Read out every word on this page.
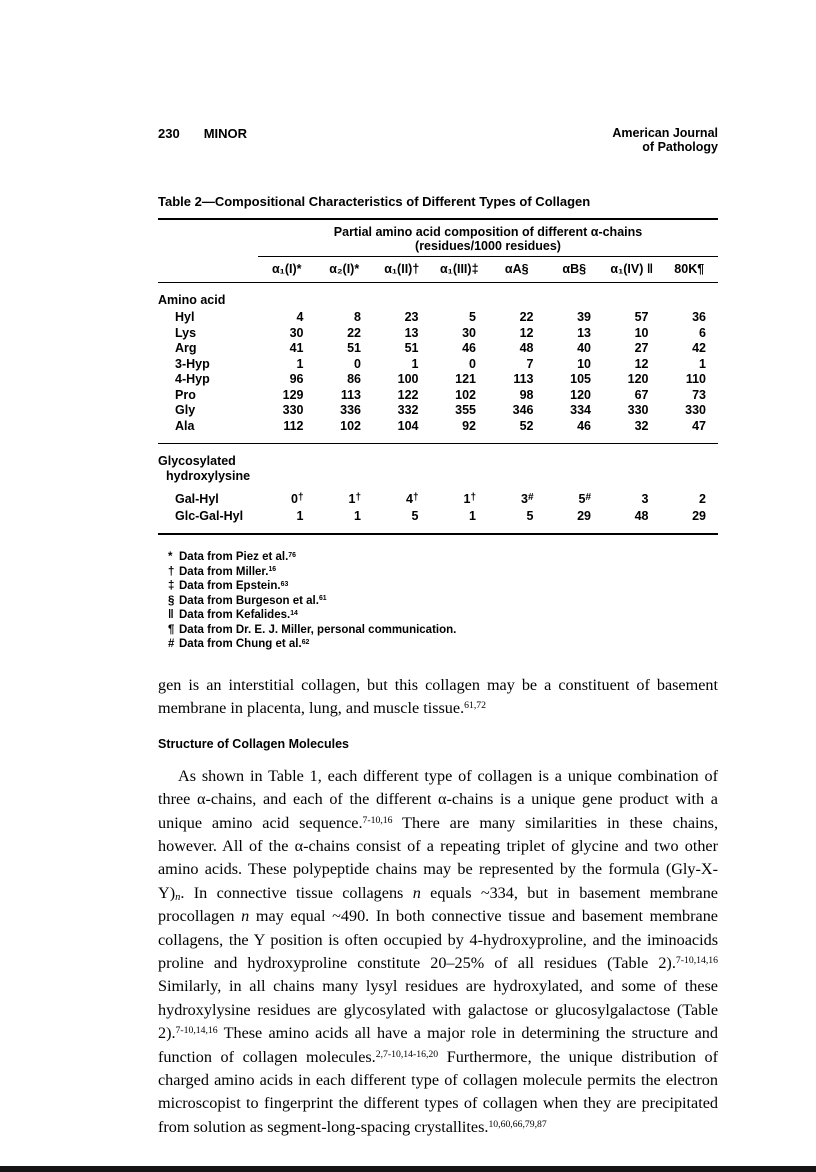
230 MINOR	American Journal
of Pathology
Table 2—Compositional Characteristics of Different Types of Collagen

	Partial amino acid composition of different α-chains
(residues/1000 residues)							

	α₁(I)*	α₂(I)*	α₁(II)†	α₁(III)‡	αA§	αB§	α₁(IV) ‖	80K¶
Amino acid								
Hyl	4	8	23	5	22	39	57	36
Lys	30	22	13	30	12	13	10	6
Arg	41	51	51	46	48	40	27	42
3-Hyp	1	0	1	0	7	10	12	1
4-Hyp	96	86	100	121	113	105	120	110
Pro	129	113	122	102	98	120	67	73
Gly	330	336	332	355	346	334	330	330
Ala	112	102	104	92	52	46	32	47
Glycosylated hydroxylysine								
Gal-Hyl	0†	1†	4†	1†	3#	5#	3	2
Glc-Gal-Hyl	1	1	5	1	5	29	48	29
* Data from Piez et al.$^{76}$
† Data from Miller.$^{16}$
‡ Data from Epstein.$^{63}$
§ Data from Burgeson et al.$^{61}$
‖ Data from Kefalides.$^{14}$
¶ Data from Dr. E. J. Miller, personal communication.
# Data from Chung et al.$^{62}$

gen is an interstitial collagen, but this collagen may be a constituent of basement membrane in placenta, lung, and muscle tissue.$^{61,72}$

Structure of Collagen Molecules

As shown in Table 1, each different type of collagen is a unique combination of three α-chains, and each of the different α-chains is a unique gene product with a unique amino acid sequence.$^{7-10,16}$ There are many similarities in these chains, however. All of the α-chains consist of a repeating triplet of glycine and two other amino acids. These polypeptide chains may be represented by the formula (Gly-X-Y)n. In connective tissue collagens n equals ~334, but in basement membrane procollagen n may equal ~490. In both connective tissue and basement membrane collagens, the Y position is often occupied by 4-hydroxyproline, and the iminoacids proline and hydroxyproline constitute 20–25% of all residues (Table 2).$^{7-10,14,16}$ Similarly, in all chains many lysyl residues are hydroxylated, and some of these hydroxylysine residues are glycosylated with galactose or glucosylgalactose (Table 2).$^{7-10,14,16}$ These amino acids all have a major role in determining the structure and function of collagen molecules.$^{2,7-10,14-16,20}$ Furthermore, the unique distribution of charged amino acids in each different type of collagen molecule permits the electron microscopist to fingerprint the different types of collagen when they are precipitated from solution as segment-long-spacing crystallites.$^{10,60,66,79,87}$
